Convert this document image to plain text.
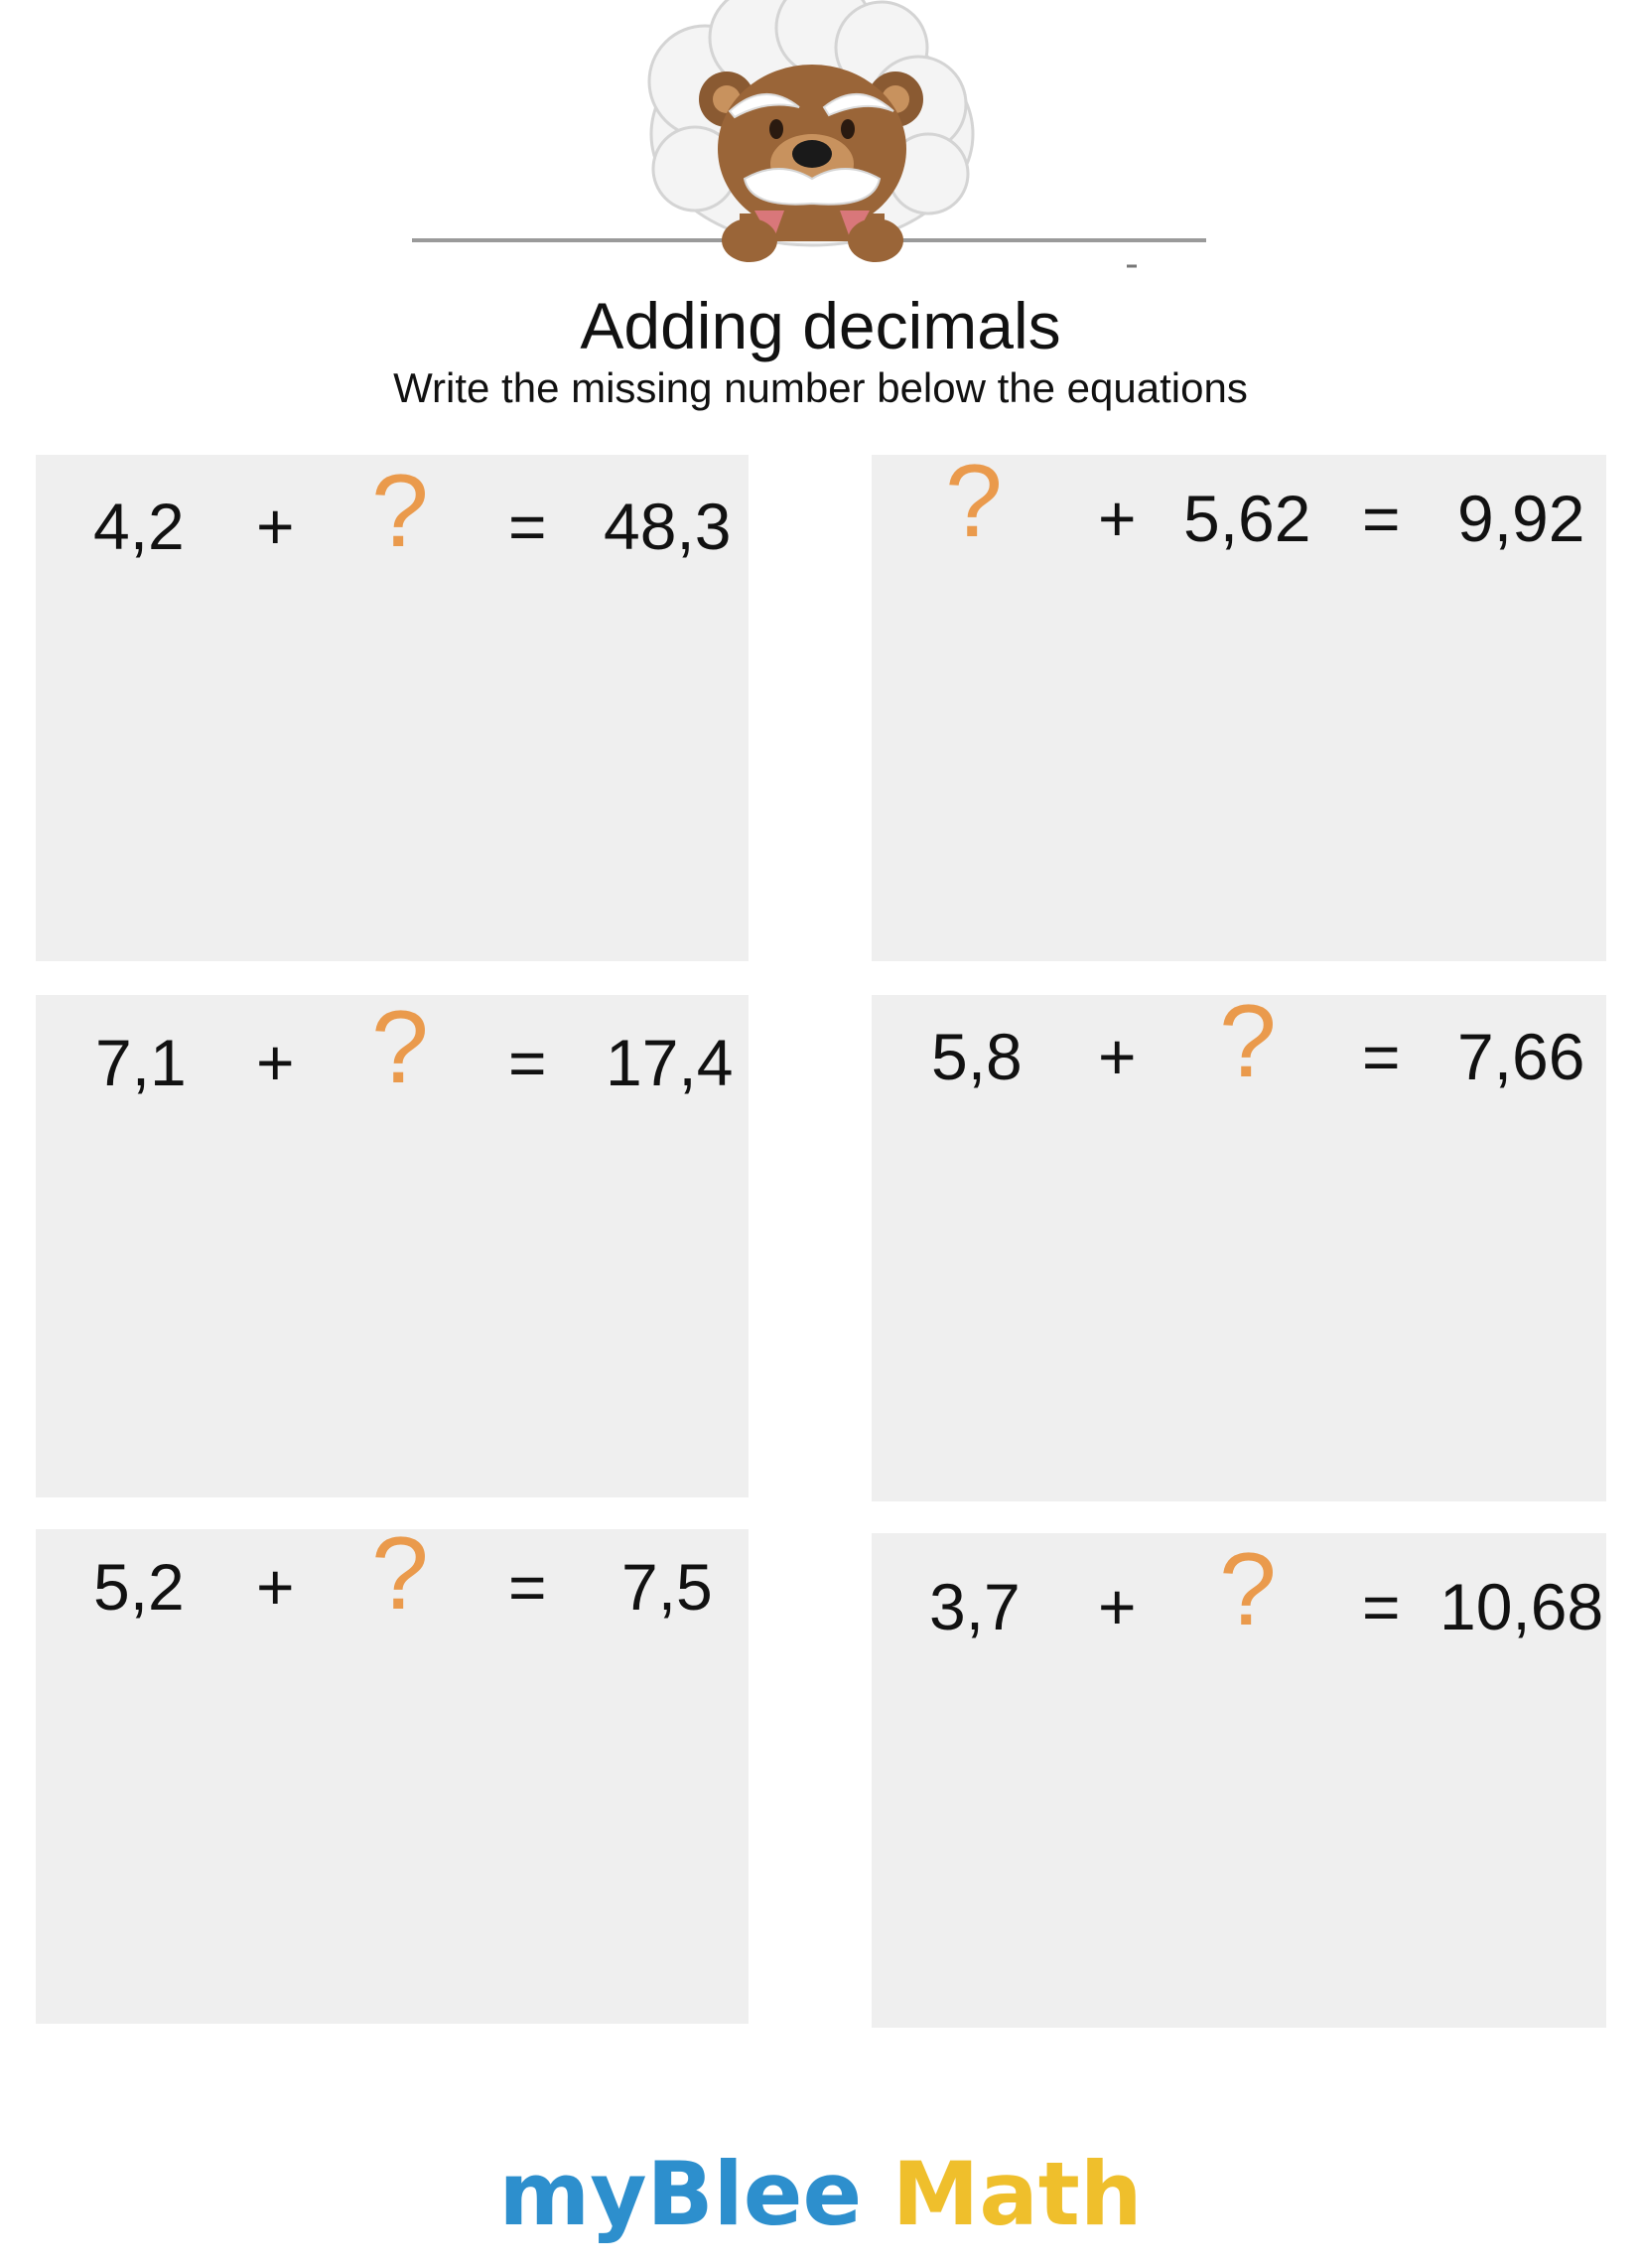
Adding decimals
Write the missing number below the equations
4,2 + ? = 48,3 ? + 5,62 = 9,92
7,1 + ? = 17,4	5,8 + ? = 7,66
5,2 + ? = 7,5	3,7 + ? = 10,68
myBlee Math
